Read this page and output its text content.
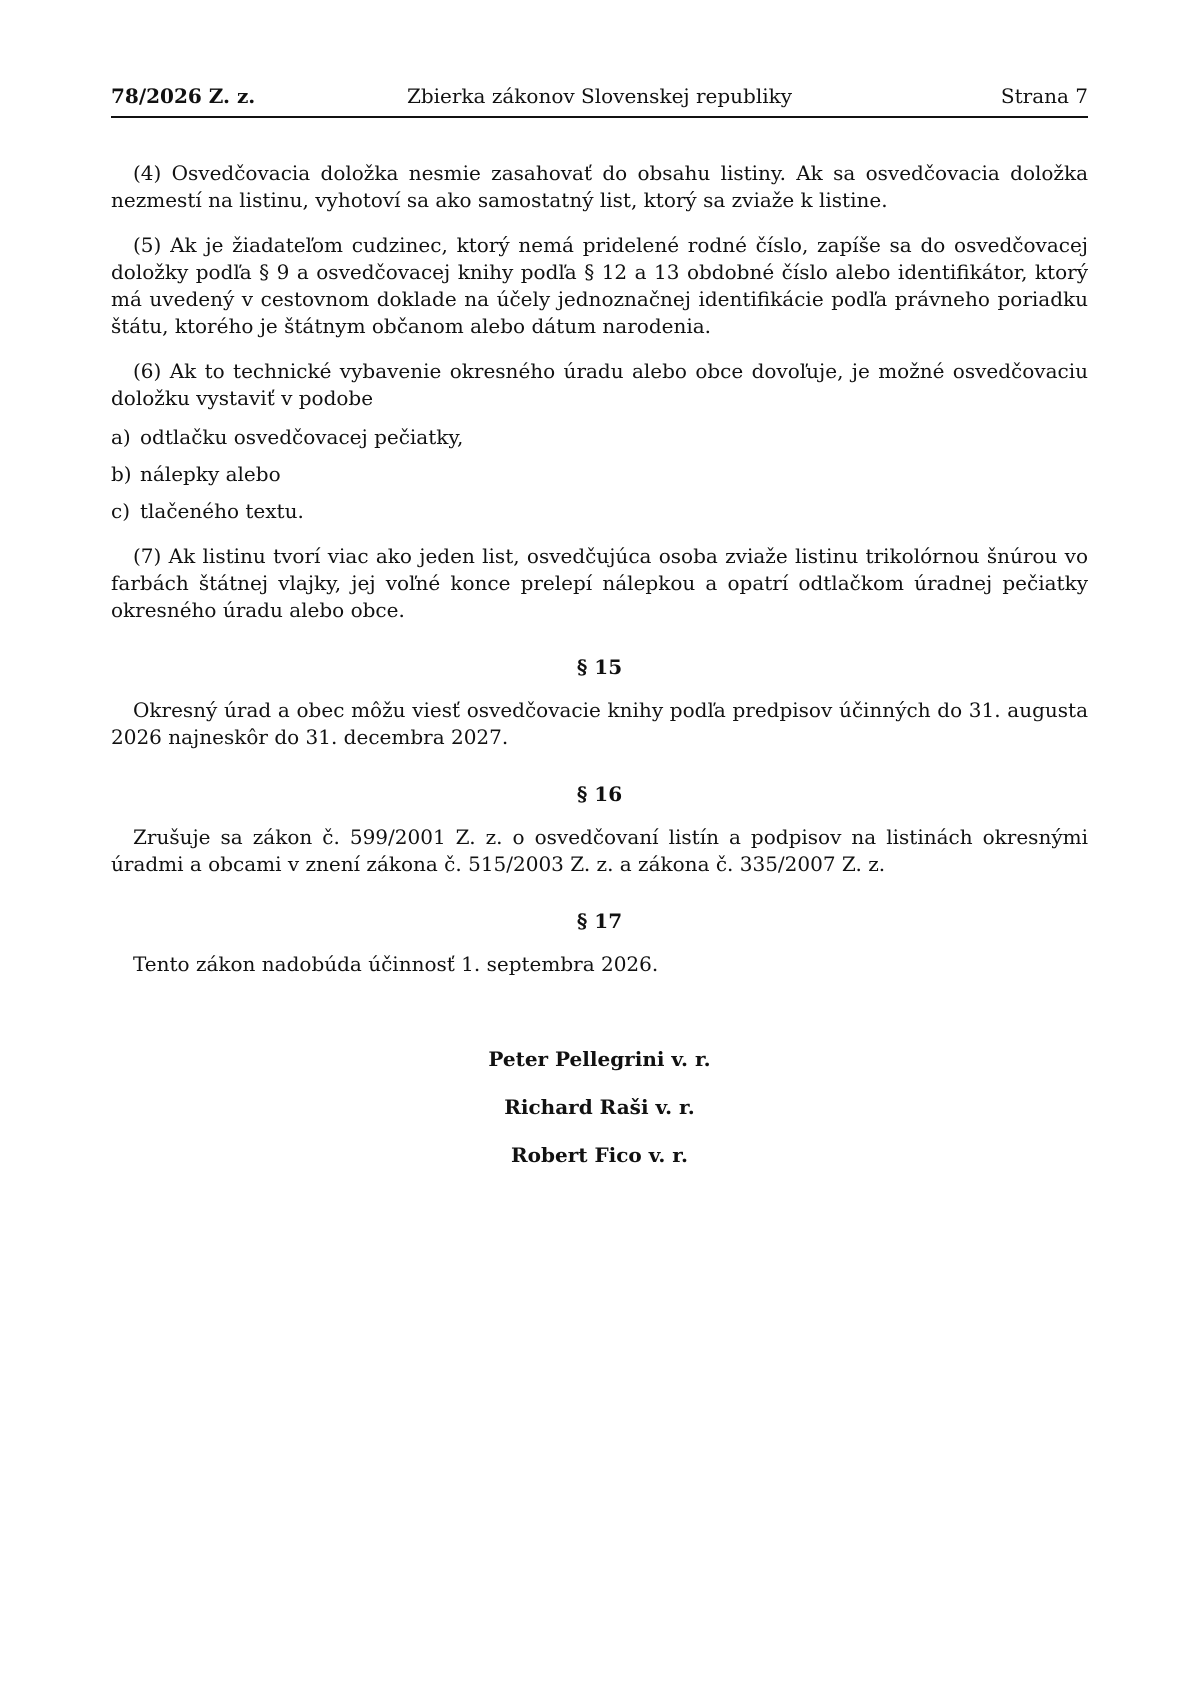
78/2026 Z. z.	Zbierka zákonov Slovenskej republiky	Strana 7

(4) Osvedčovacia doložka nesmie zasahovať do obsahu listiny. Ak sa osvedčovacia doložka nezmestí na listinu, vyhotoví sa ako samostatný list, ktorý sa zviaže k listine.

(5) Ak je žiadateľom cudzinec, ktorý nemá pridelené rodné číslo, zapíše sa do osvedčovacej doložky podľa § 9 a osvedčovacej knihy podľa § 12 a 13 obdobné číslo alebo identifikátor, ktorý má uvedený v cestovnom doklade na účely jednoznačnej identifikácie podľa právneho poriadku štátu, ktorého je štátnym občanom alebo dátum narodenia.

(6) Ak to technické vybavenie okresného úradu alebo obce dovoľuje, je možné osvedčovaciu doložku vystaviť v podobe

a) odtlačku osvedčovacej pečiatky,
b) nálepky alebo
c) tlačeného textu.

(7) Ak listinu tvorí viac ako jeden list, osvedčujúca osoba zviaže listinu trikolórnou šnúrou vo farbách štátnej vlajky, jej voľné konce prelepí nálepkou a opatrí odtlačkom úradnej pečiatky okresného úradu alebo obce.

§ 15

Okresný úrad a obec môžu viesť osvedčovacie knihy podľa predpisov účinných do 31. augusta 2026 najneskôr do 31. decembra 2027.

§ 16

Zrušuje sa zákon č. 599/2001 Z. z. o osvedčovaní listín a podpisov na listinách okresnými úradmi a obcami v znení zákona č. 515/2003 Z. z. a zákona č. 335/2007 Z. z.

§ 17

Tento zákon nadobúda účinnosť 1. septembra 2026.

Peter Pellegrini v. r.
Richard Raši v. r.
Robert Fico v. r.
